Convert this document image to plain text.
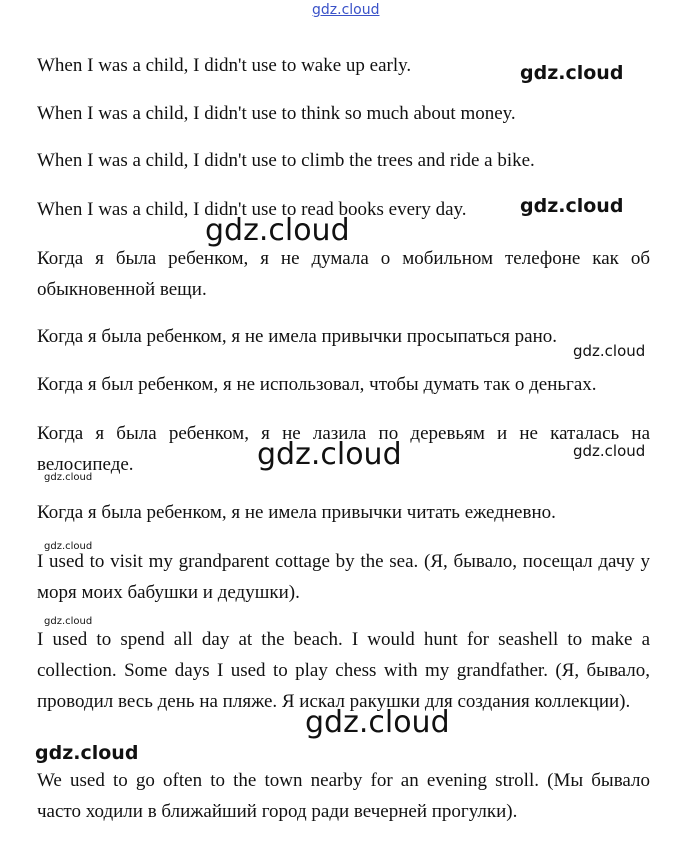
gdz.cloud
gdz.cloud
gdz.cloud
gdz.cloud
gdz.cloud
gdz.cloud	gdz.cloud
gdz.cloud
gdz.cloud
gdz.cloud
gdz.cloud
gdz.cloud

When I was a child, I didn't use to wake up early.

When I was a child, I didn't use to think so much about money.

When I was a child, I didn't use to climb the trees and ride a bike.

When I was a child, I didn't use to read books every day.

Когда я была ребенком, я не думала о мобильном телефоне как об обыкновенной вещи.

Когда я была ребенком, я не имела привычки просыпаться рано.

Когда я был ребенком, я не использовал, чтобы думать так о деньгах.

Когда я была ребенком, я не лазила по деревьям и не каталась на велосипеде.

Когда я была ребенком, я не имела привычки читать ежедневно.

I used to visit my grandparent cottage by the sea. (Я, бывало, посещал дачу у моря моих бабушки и дедушки).

I used to spend all day at the beach. I would hunt for seashell to make a collection. Some days I used to play chess with my grandfather. (Я, бывало, проводил весь день на пляже. Я искал ракушки для создания коллекции).

We used to go often to the town nearby for an evening stroll. (Мы бывало часто ходили в ближайший город ради вечерней прогулки).
